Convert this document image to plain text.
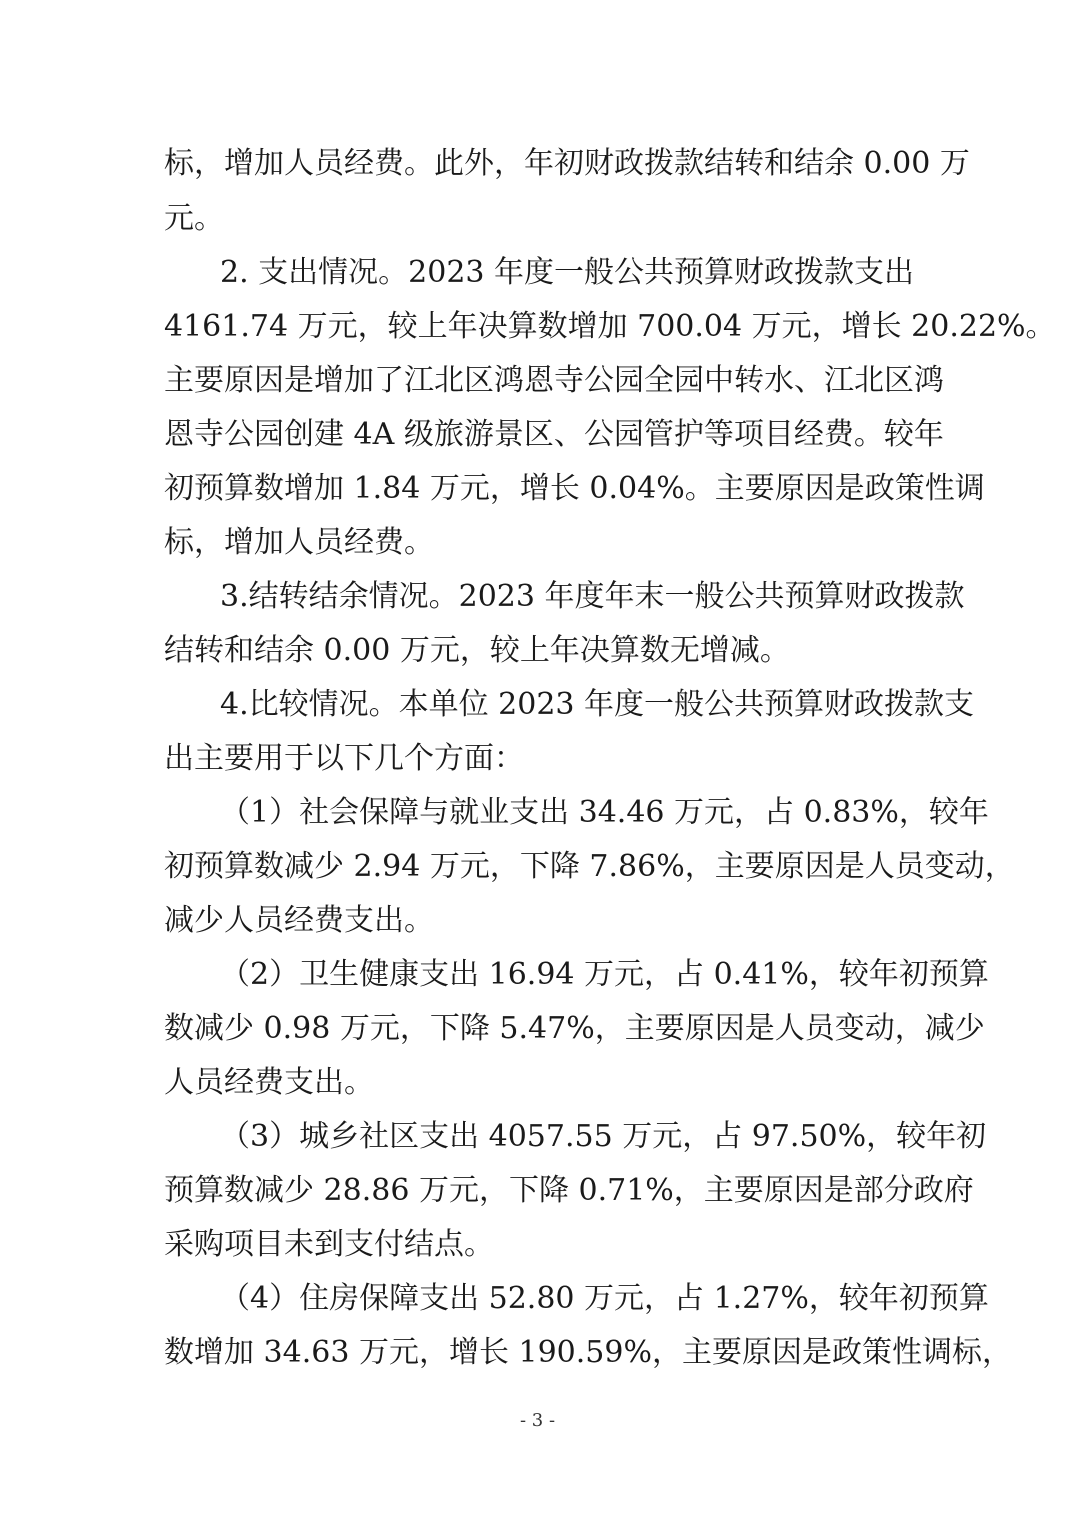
标，增加人员经费。此外，年初财政拨款结转和结余 0.00 万
元。
2. 支出情况。2023 年度一般公共预算财政拨款支出
4161.74 万元，较上年决算数增加 700.04 万元，增长 20.22%。
主要原因是增加了江北区鸿恩寺公园全园中转水、江北区鸿
恩寺公园创建 4A 级旅游景区、公园管护等项目经费。较年
初预算数增加 1.84 万元，增长 0.04%。主要原因是政策性调
标，增加人员经费。
3.结转结余情况。2023 年度年末一般公共预算财政拨款
结转和结余 0.00 万元，较上年决算数无增减。
4.比较情况。本单位 2023 年度一般公共预算财政拨款支
出主要用于以下几个方面：
（1）社会保障与就业支出 34.46 万元，占 0.83%，较年
初预算数减少 2.94 万元，下降 7.86%，主要原因是人员变动，
减少人员经费支出。
（2）卫生健康支出 16.94 万元，占 0.41%，较年初预算
数减少 0.98 万元，下降 5.47%，主要原因是人员变动，减少
人员经费支出。
（3）城乡社区支出 4057.55 万元，占 97.50%，较年初
预算数减少 28.86 万元，下降 0.71%，主要原因是部分政府
采购项目未到支付结点。
（4）住房保障支出 52.80 万元，占 1.27%，较年初预算
数增加 34.63 万元，增长 190.59%，主要原因是政策性调标，
- 3 -
